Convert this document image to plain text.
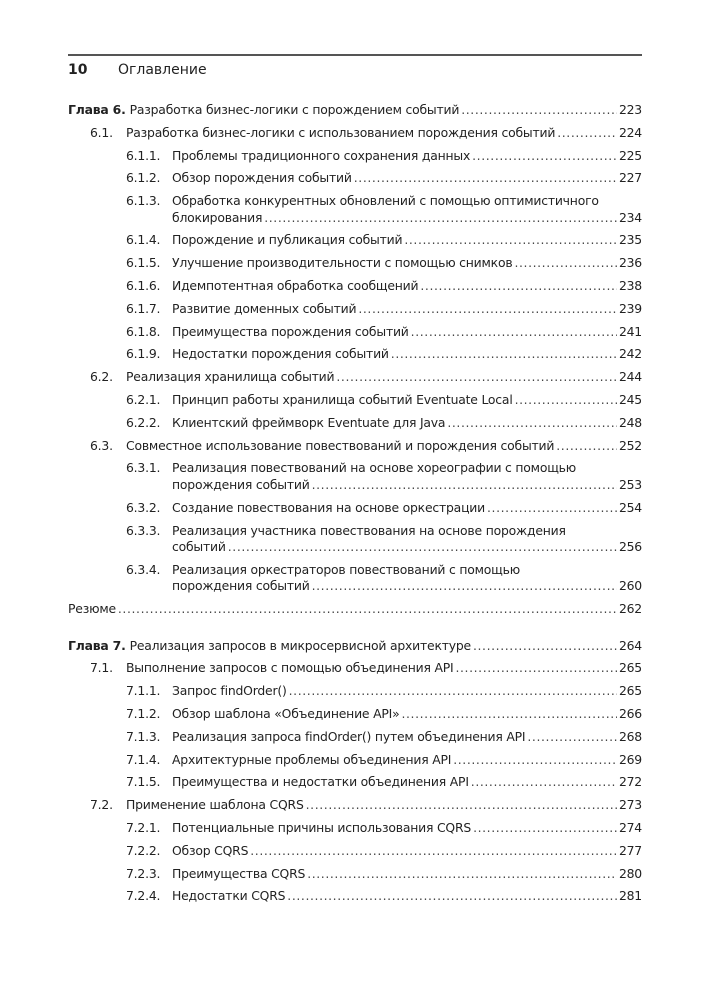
10	Оглавление
Глава 6. Разработка бизнес-логики с порождением событий .....	223
6.1.	Разработка бизнес-логики с использованием порождения событий .....	224
6.1.1. Проблемы традиционного сохранения данных .....	225
6.1.2. Обзор порождения событий .....	227
6.1.3. Обработка конкурентных обновлений с помощью оптимистичного
блокирования .....	234
6.1.4. Порождение и публикация событий .....	235
6.1.5. Улучшение производительности с помощью снимков .....	236
6.1.6. Идемпотентная обработка сообщений .....	238
6.1.7. Развитие доменных событий .....	239
6.1.8. Преимущества порождения событий .....	241
6.1.9. Недостатки порождения событий .....	242
6.2.	Реализация хранилища событий .....	244
6.2.1. Принцип работы хранилища событий Eventuate Local .....	245
6.2.2. Клиентский фреймворк Eventuate для Java .....	248
6.3.	Совместное использование повествований и порождения событий .....	252
6.3.1. Реализация повествований на основе хореографии с помощью
порождения событий .....	253
6.3.2. Создание повествования на основе оркестрации .....	254
6.3.3. Реализация участника повествования на основе порождения
событий .....	256
6.3.4. Реализация оркестраторов повествований с помощью
порождения событий .....	260
Резюме .....	262
Глава 7. Реализация запросов в микросервисной архитектуре .....	264
7.1.	Выполнение запросов с помощью объединения API .....	265
7.1.1. Запрос findOrder() .....	265
7.1.2. Обзор шаблона «Объединение API» .....	266
7.1.3. Реализация запроса findOrder() путем объединения API .....	268
7.1.4. Архитектурные проблемы объединения API .....	269
7.1.5. Преимущества и недостатки объединения API .....	272
7.2.	Применение шаблона CQRS .....	273
7.2.1. Потенциальные причины использования CQRS .....	274
7.2.2. Обзор CQRS .....	277
7.2.3. Преимущества CQRS .....	280
7.2.4. Недостатки CQRS .....	281
